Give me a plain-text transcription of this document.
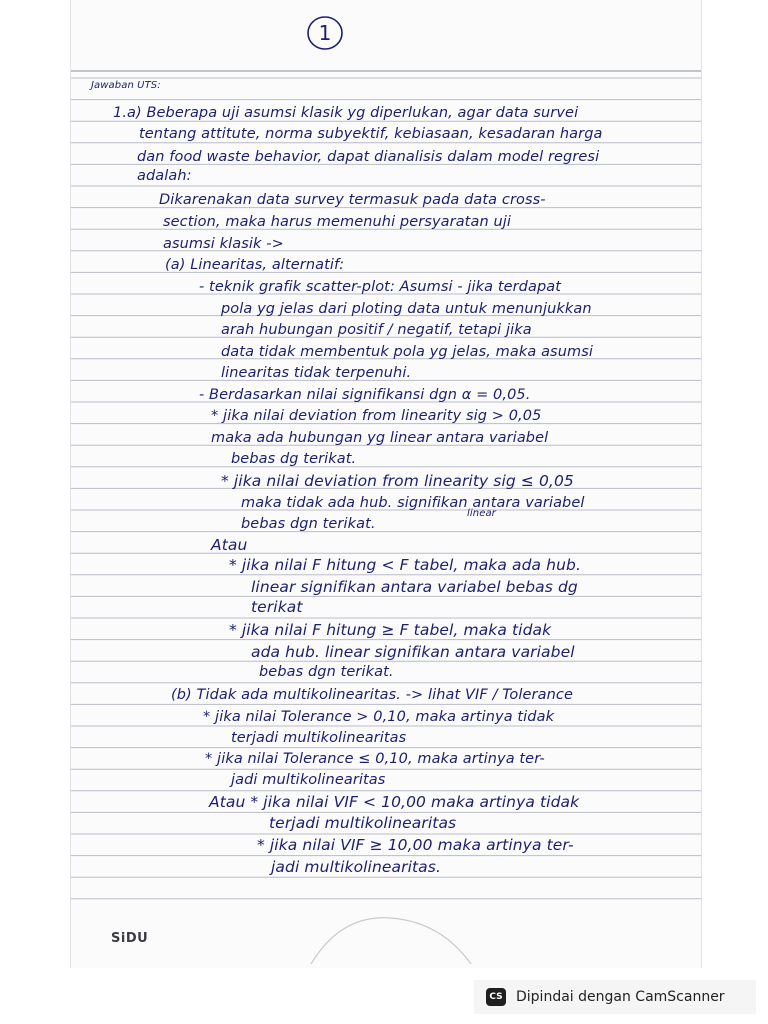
1
Jawaban UTS:
1.a) Beberapa uji asumsi klasik yg diperlukan, agar data survei
tentang attitute, norma subyektif, kebiasaan, kesadaran harga
dan food waste behavior, dapat dianalisis dalam model regresi
adalah:
Dikarenakan data survey termasuk pada data cross-
section, maka harus memenuhi persyaratan uji
asumsi klasik ->
(a) Linearitas, alternatif:
- teknik grafik scatter-plot: Asumsi - jika terdapat
pola yg jelas dari ploting data untuk menunjukkan
arah hubungan positif / negatif, tetapi jika
data tidak membentuk pola yg jelas, maka asumsi
linearitas tidak terpenuhi.
- Berdasarkan nilai signifikansi dgn α = 0,05.
* jika nilai deviation from linearity sig > 0,05
maka ada hubungan yg linear antara variabel
bebas dg terikat.
* jika nilai deviation from linearity sig ≤ 0,05
maka tidak ada hub. signifikan antara variabel
linear
bebas dgn terikat.
Atau
* jika nilai F hitung < F tabel, maka ada hub.
linear signifikan antara variabel bebas dg
terikat
* jika nilai F hitung ≥ F tabel, maka tidak
ada hub. linear signifikan antara variabel
bebas dgn terikat.
(b) Tidak ada multikolinearitas. -> lihat VIF / Tolerance
* jika nilai Tolerance > 0,10, maka artinya tidak
terjadi multikolinearitas
* jika nilai Tolerance ≤ 0,10, maka artinya ter-
jadi multikolinearitas
Atau * jika nilai VIF < 10,00 maka artinya tidak
terjadi multikolinearitas
* jika nilai VIF ≥ 10,00 maka artinya ter-
jadi multikolinearitas.
SiDU
CS Dipindai dengan CamScanner
